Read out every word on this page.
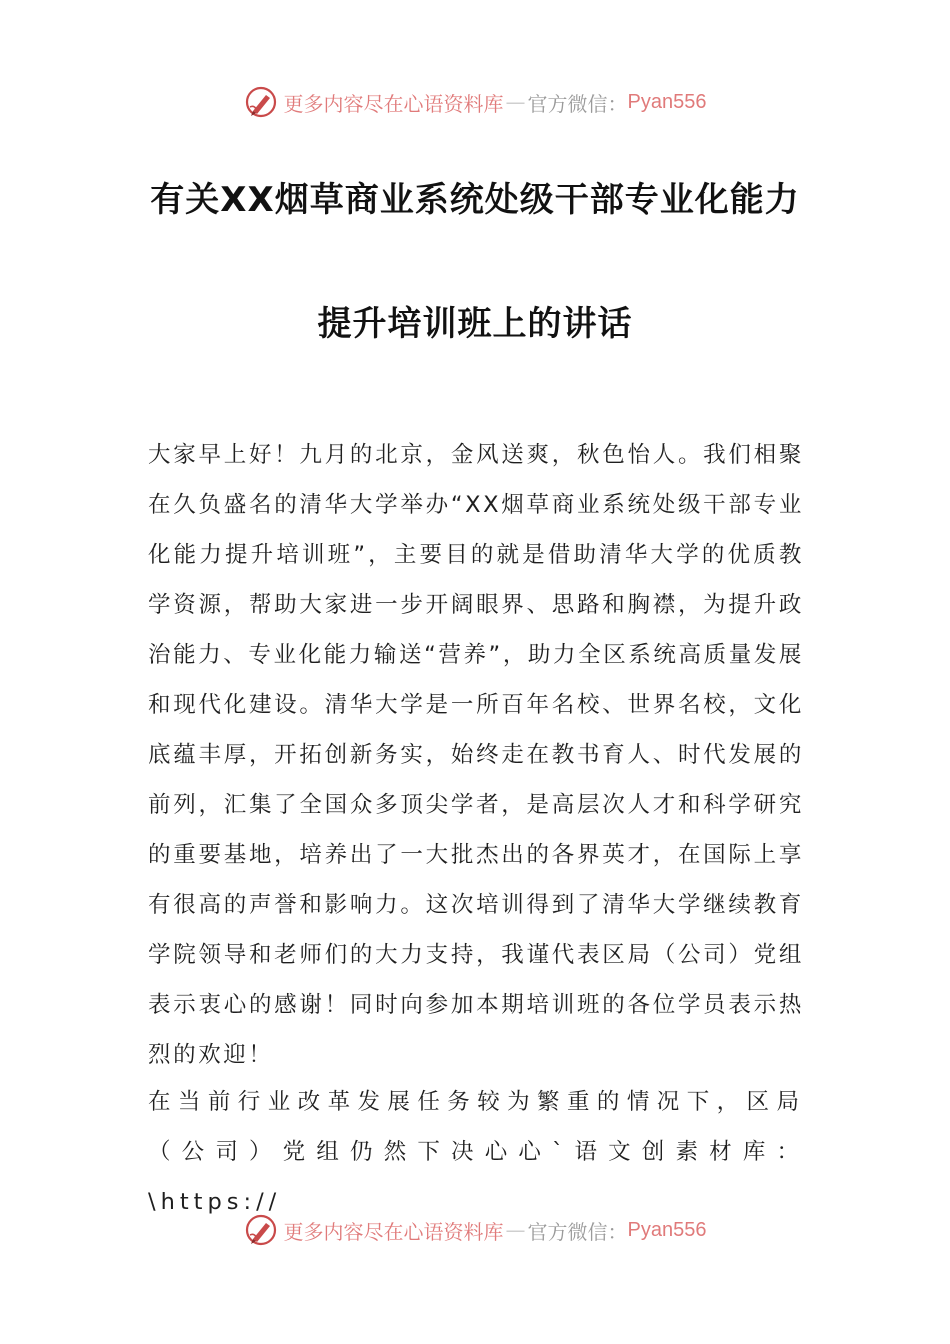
更多内容尽在心语资料库 — 官方微信： Pyan556
有关XX烟草商业系统处级干部专业化能力
提升培训班上的讲话
大家早上好！九月的北京，金风送爽，秋色怡人。我们相聚在久负盛名的清华大学举办“XX烟草商业系统处级干部专业化能力提升培训班”，主要目的就是借助清华大学的优质教学资源，帮助大家进一步开阔眼界、思路和胸襟，为提升政治能力、专业化能力输送“营养”，助力全区系统高质量发展和现代化建设。清华大学是一所百年名校、世界名校，文化底蕴丰厚，开拓创新务实，始终走在教书育人、时代发展的前列，汇集了全国众多顶尖学者，是高层次人才和科学研究的重要基地，培养出了一大批杰出的各界英才，在国际上享有很高的声誉和影响力。这次培训得到了清华大学继续教育学院领导和老师们的大力支持，我谨代表区局（公司）党组表示衷心的感谢！同时向参加本期培训班的各位学员表示热烈的欢迎！
在当前行业改革发展任务较为繁重的情况下，区局（公司）党组仍然下决心心`语文创素材库：\https://
更多内容尽在心语资料库 — 官方微信： Pyan556
